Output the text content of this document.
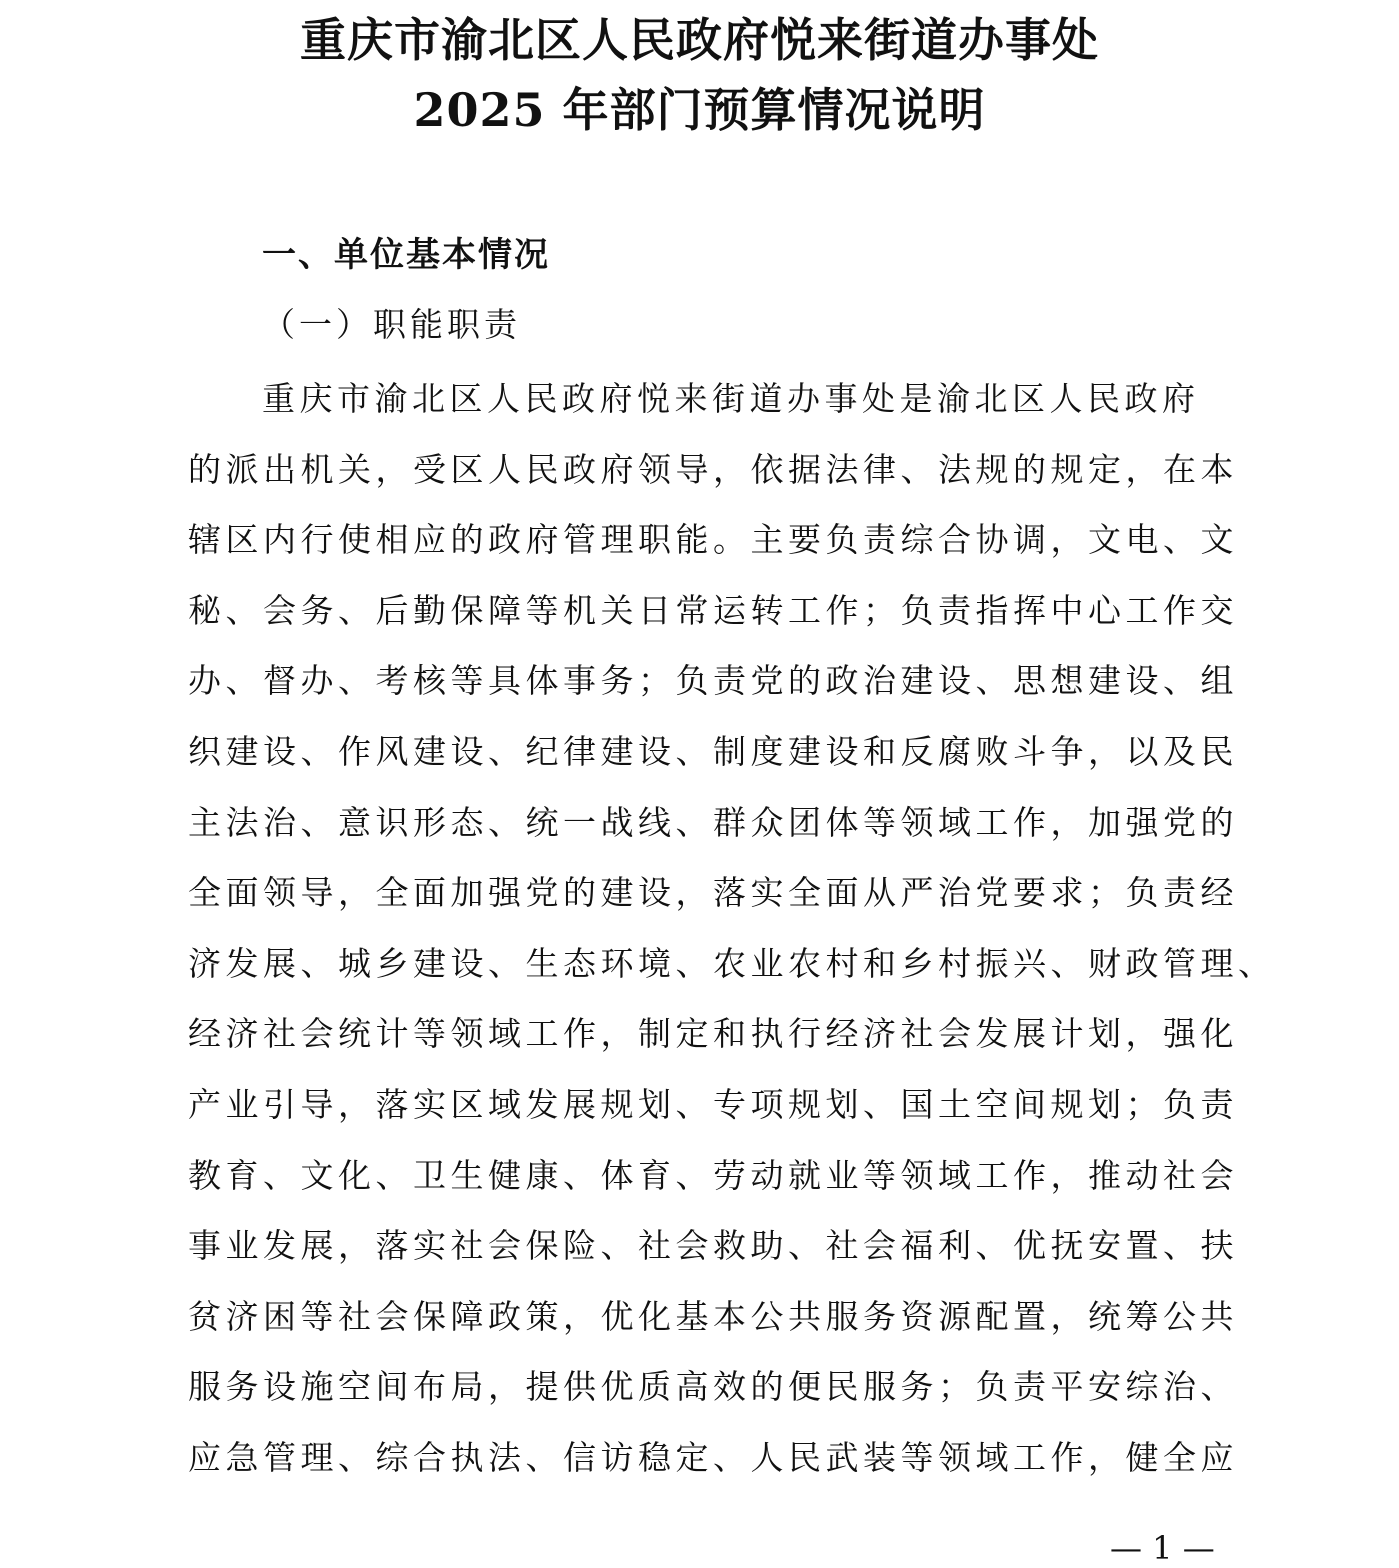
重庆市渝北区人民政府悦来街道办事处
2025 年部门预算情况说明
一、单位基本情况
（一）职能职责
重庆市渝北区人民政府悦来街道办事处是渝北区人民政府
的派出机关，受区人民政府领导，依据法律、法规的规定，在本
辖区内行使相应的政府管理职能。主要负责综合协调，文电、文
秘、会务、后勤保障等机关日常运转工作；负责指挥中心工作交
办、督办、考核等具体事务；负责党的政治建设、思想建设、组
织建设、作风建设、纪律建设、制度建设和反腐败斗争，以及民
主法治、意识形态、统一战线、群众团体等领域工作，加强党的
全面领导，全面加强党的建设，落实全面从严治党要求；负责经
济发展、城乡建设、生态环境、农业农村和乡村振兴、财政管理、
经济社会统计等领域工作，制定和执行经济社会发展计划，强化
产业引导，落实区域发展规划、专项规划、国土空间规划；负责
教育、文化、卫生健康、体育、劳动就业等领域工作，推动社会
事业发展，落实社会保险、社会救助、社会福利、优抚安置、扶
贫济困等社会保障政策，优化基本公共服务资源配置，统筹公共
服务设施空间布局，提供优质高效的便民服务；负责平安综治、
应急管理、综合执法、信访稳定、人民武装等领域工作，健全应
— 1 —
